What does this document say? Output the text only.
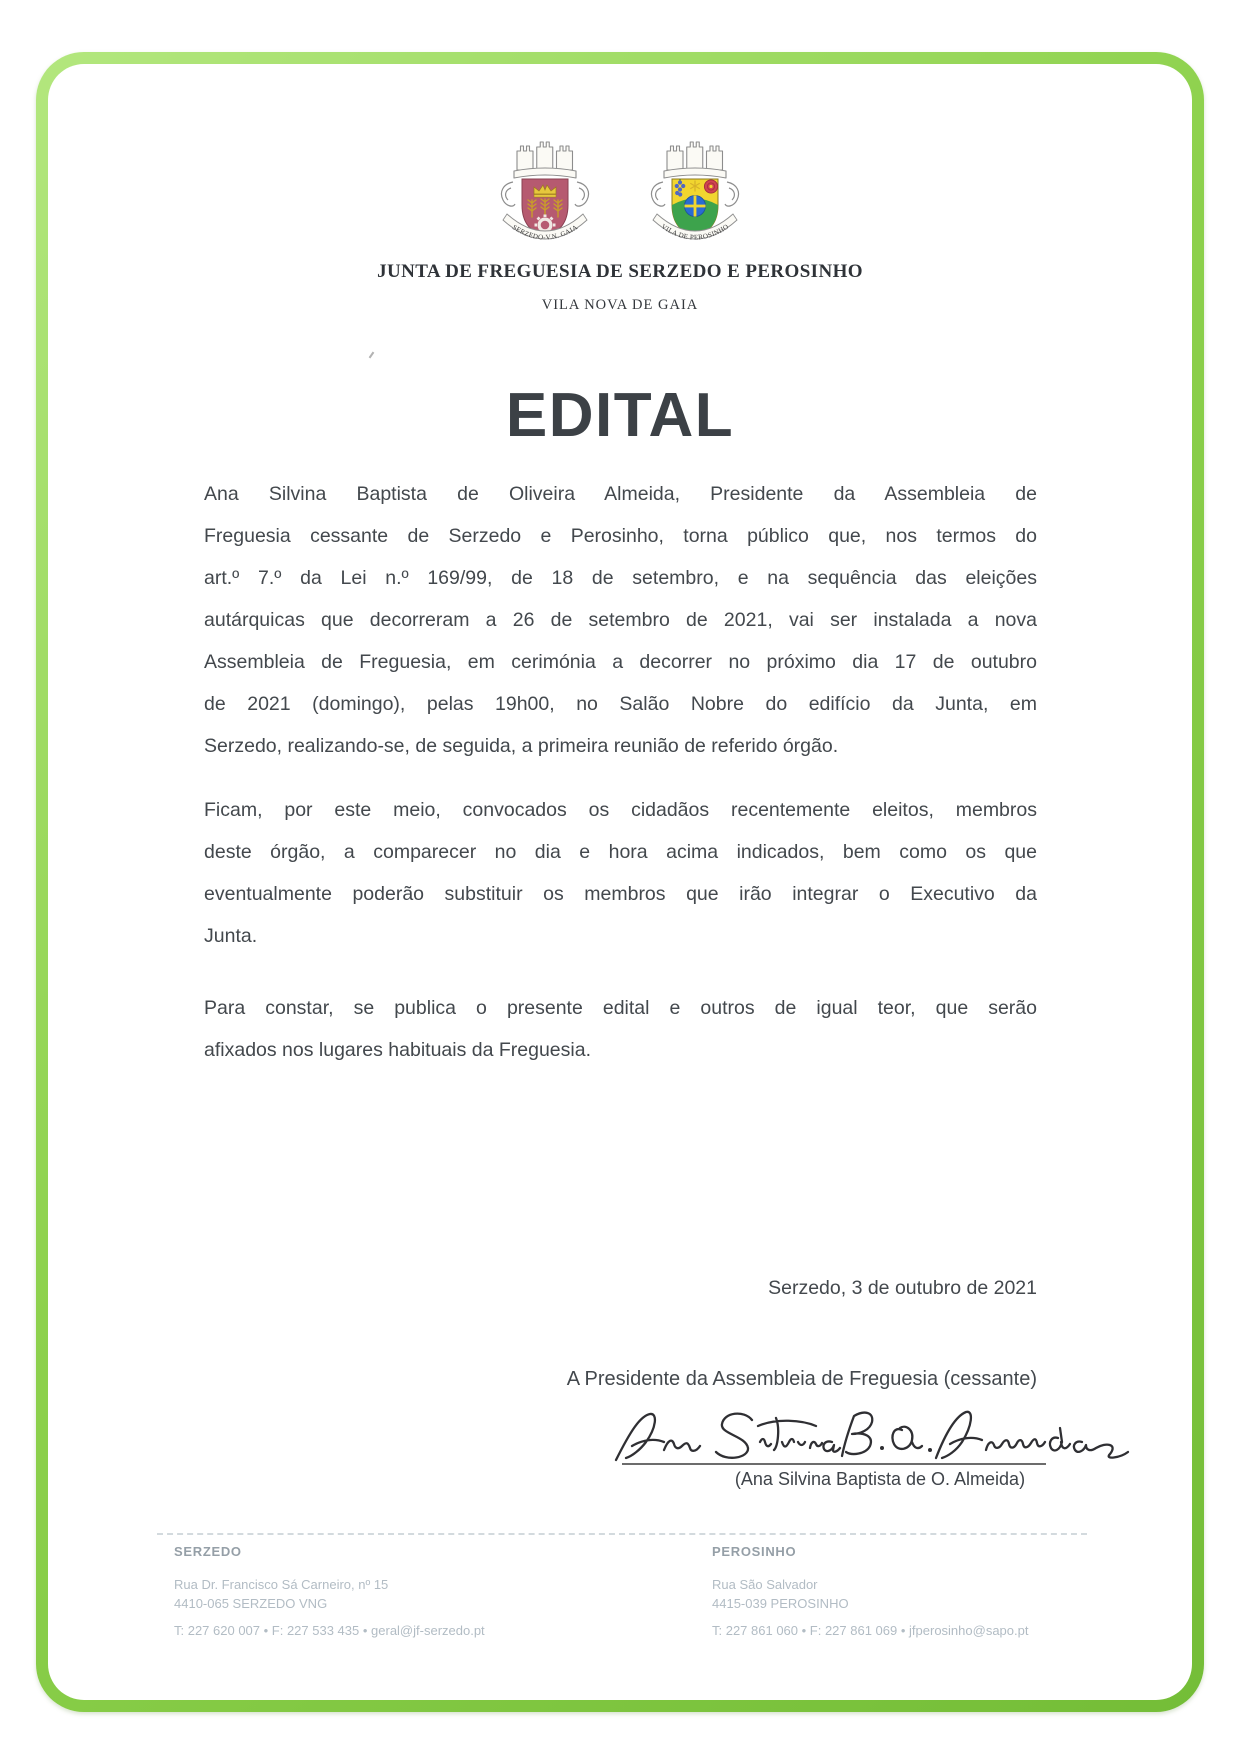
SERZEDO-V.N. GAIA	VILA DE PEROSINHO
JUNTA DE FREGUESIA DE SERZEDO E PEROSINHO
VILA NOVA DE GAIA
EDITAL
Ana Silvina Baptista de Oliveira Almeida, Presidente da Assembleia de
Freguesia cessante de Serzedo e Perosinho, torna público que, nos termos do
art.º 7.º da Lei n.º 169/99, de 18 de setembro, e na sequência das eleições
autárquicas que decorreram a 26 de setembro de 2021, vai ser instalada a nova
Assembleia de Freguesia, em cerimónia a decorrer no próximo dia 17 de outubro
de 2021 (domingo), pelas 19h00, no Salão Nobre do edifício da Junta, em
Serzedo, realizando-se, de seguida, a primeira reunião de referido órgão.
Ficam, por este meio, convocados os cidadãos recentemente eleitos, membros
deste órgão, a comparecer no dia e hora acima indicados, bem como os que
eventualmente poderão substituir os membros que irão integrar o Executivo da
Junta.
Para constar, se publica o presente edital e outros de igual teor, que serão
afixados nos lugares habituais da Freguesia.
Serzedo, 3 de outubro de 2021
A Presidente da Assembleia de Freguesia (cessante)
(Ana Silvina Baptista de O. Almeida)
SERZEDO
Rua Dr. Francisco Sá Carneiro, nº 15
4410-065 SERZEDO VNG
T: 227 620 007 • F: 227 533 435 • geral@jf-serzedo.pt
PEROSINHO
Rua São Salvador
4415-039 PEROSINHO
T: 227 861 060 • F: 227 861 069 • jfperosinho@sapo.pt
